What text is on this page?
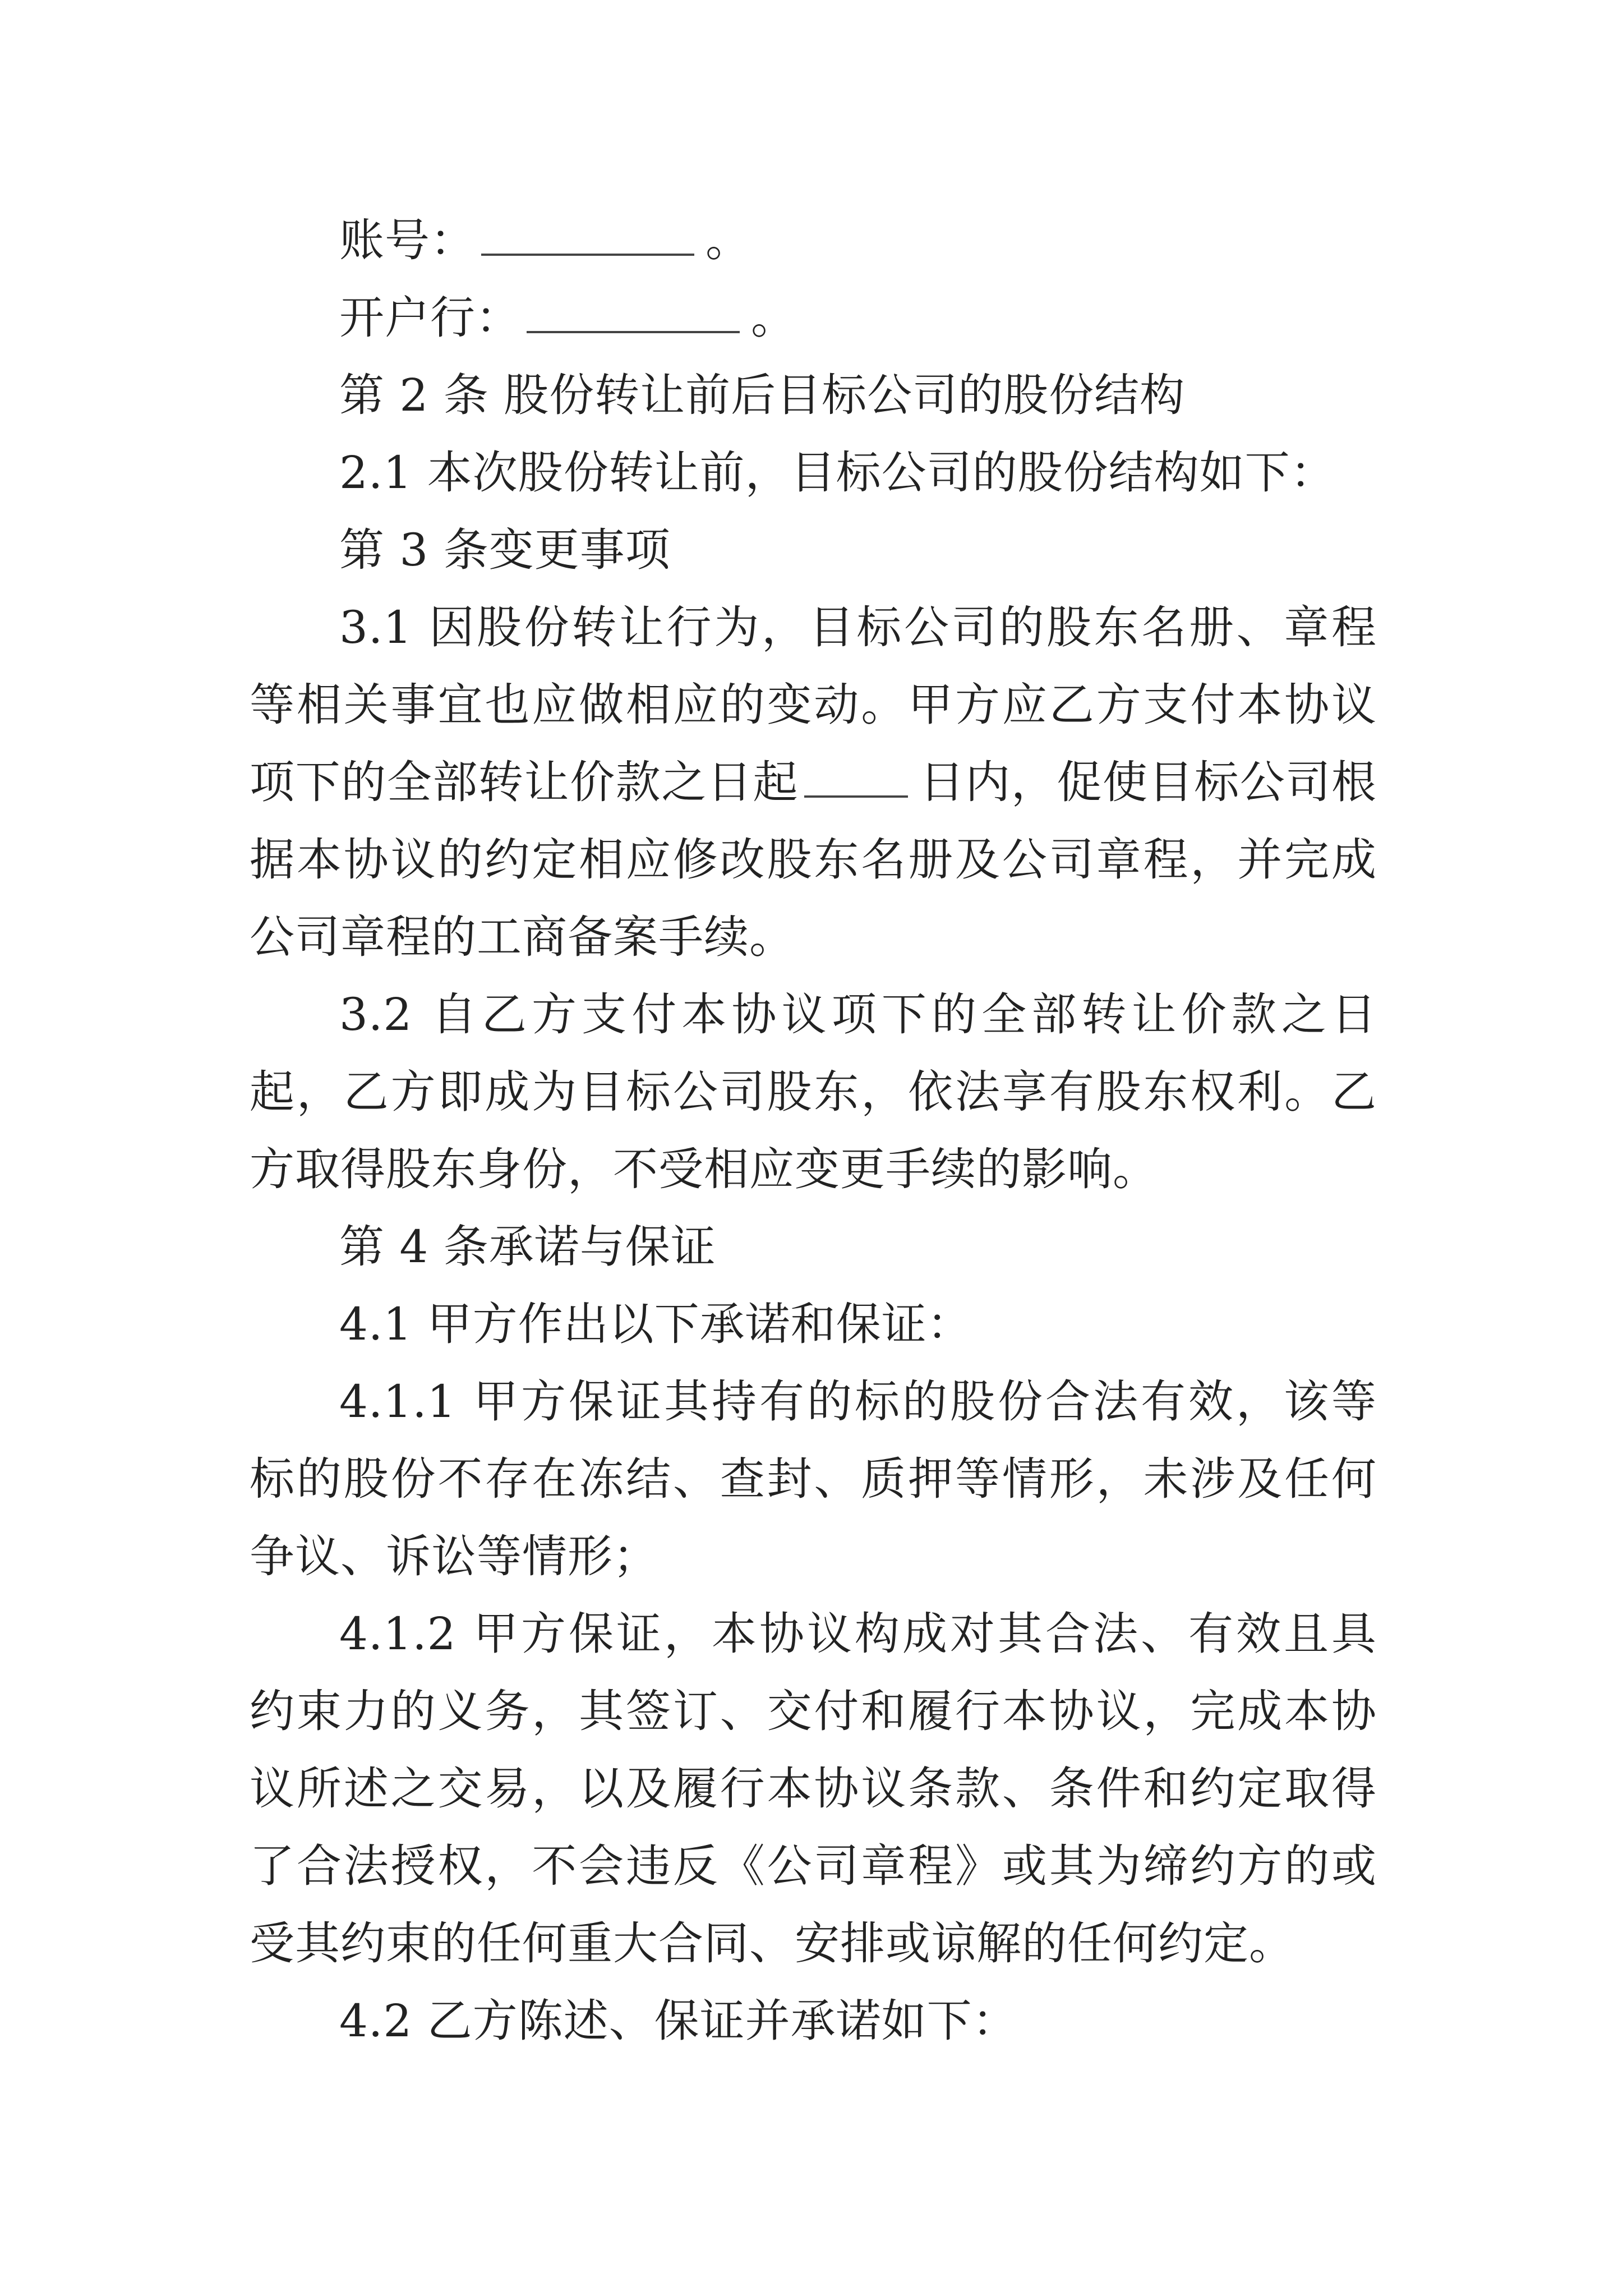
账号：	。

开户行：	。

第 2 条 股份转让前后目标公司的股份结构

2.1 本次股份转让前，目标公司的股份结构如下：

第 3 条变更事项

3.1 因股份转让行为，目标公司的股东名册、章程等相关事宜也应做相应的变动。甲方应乙方支付本协议项下的全部转让价款之日起	日内，促使目标公司根据本协议的约定相应修改股东名册及公司章程，并完成公司章程的工商备案手续。

3.2 自乙方支付本协议项下的全部转让价款之日起，乙方即成为目标公司股东，依法享有股东权利。乙方取得股东身份，不受相应变更手续的影响。

第 4 条承诺与保证

4.1 甲方作出以下承诺和保证：

4.1.1 甲方保证其持有的标的股份合法有效，该等标的股份不存在冻结、查封、质押等情形，未涉及任何争议、诉讼等情形；

4.1.2 甲方保证，本协议构成对其合法、有效且具约束力的义务，其签订、交付和履行本协议，完成本协议所述之交易，以及履行本协议条款、条件和约定取得了合法授权，不会违反《公司章程》或其为缔约方的或受其约束的任何重大合同、安排或谅解的任何约定。

4.2 乙方陈述、保证并承诺如下：
